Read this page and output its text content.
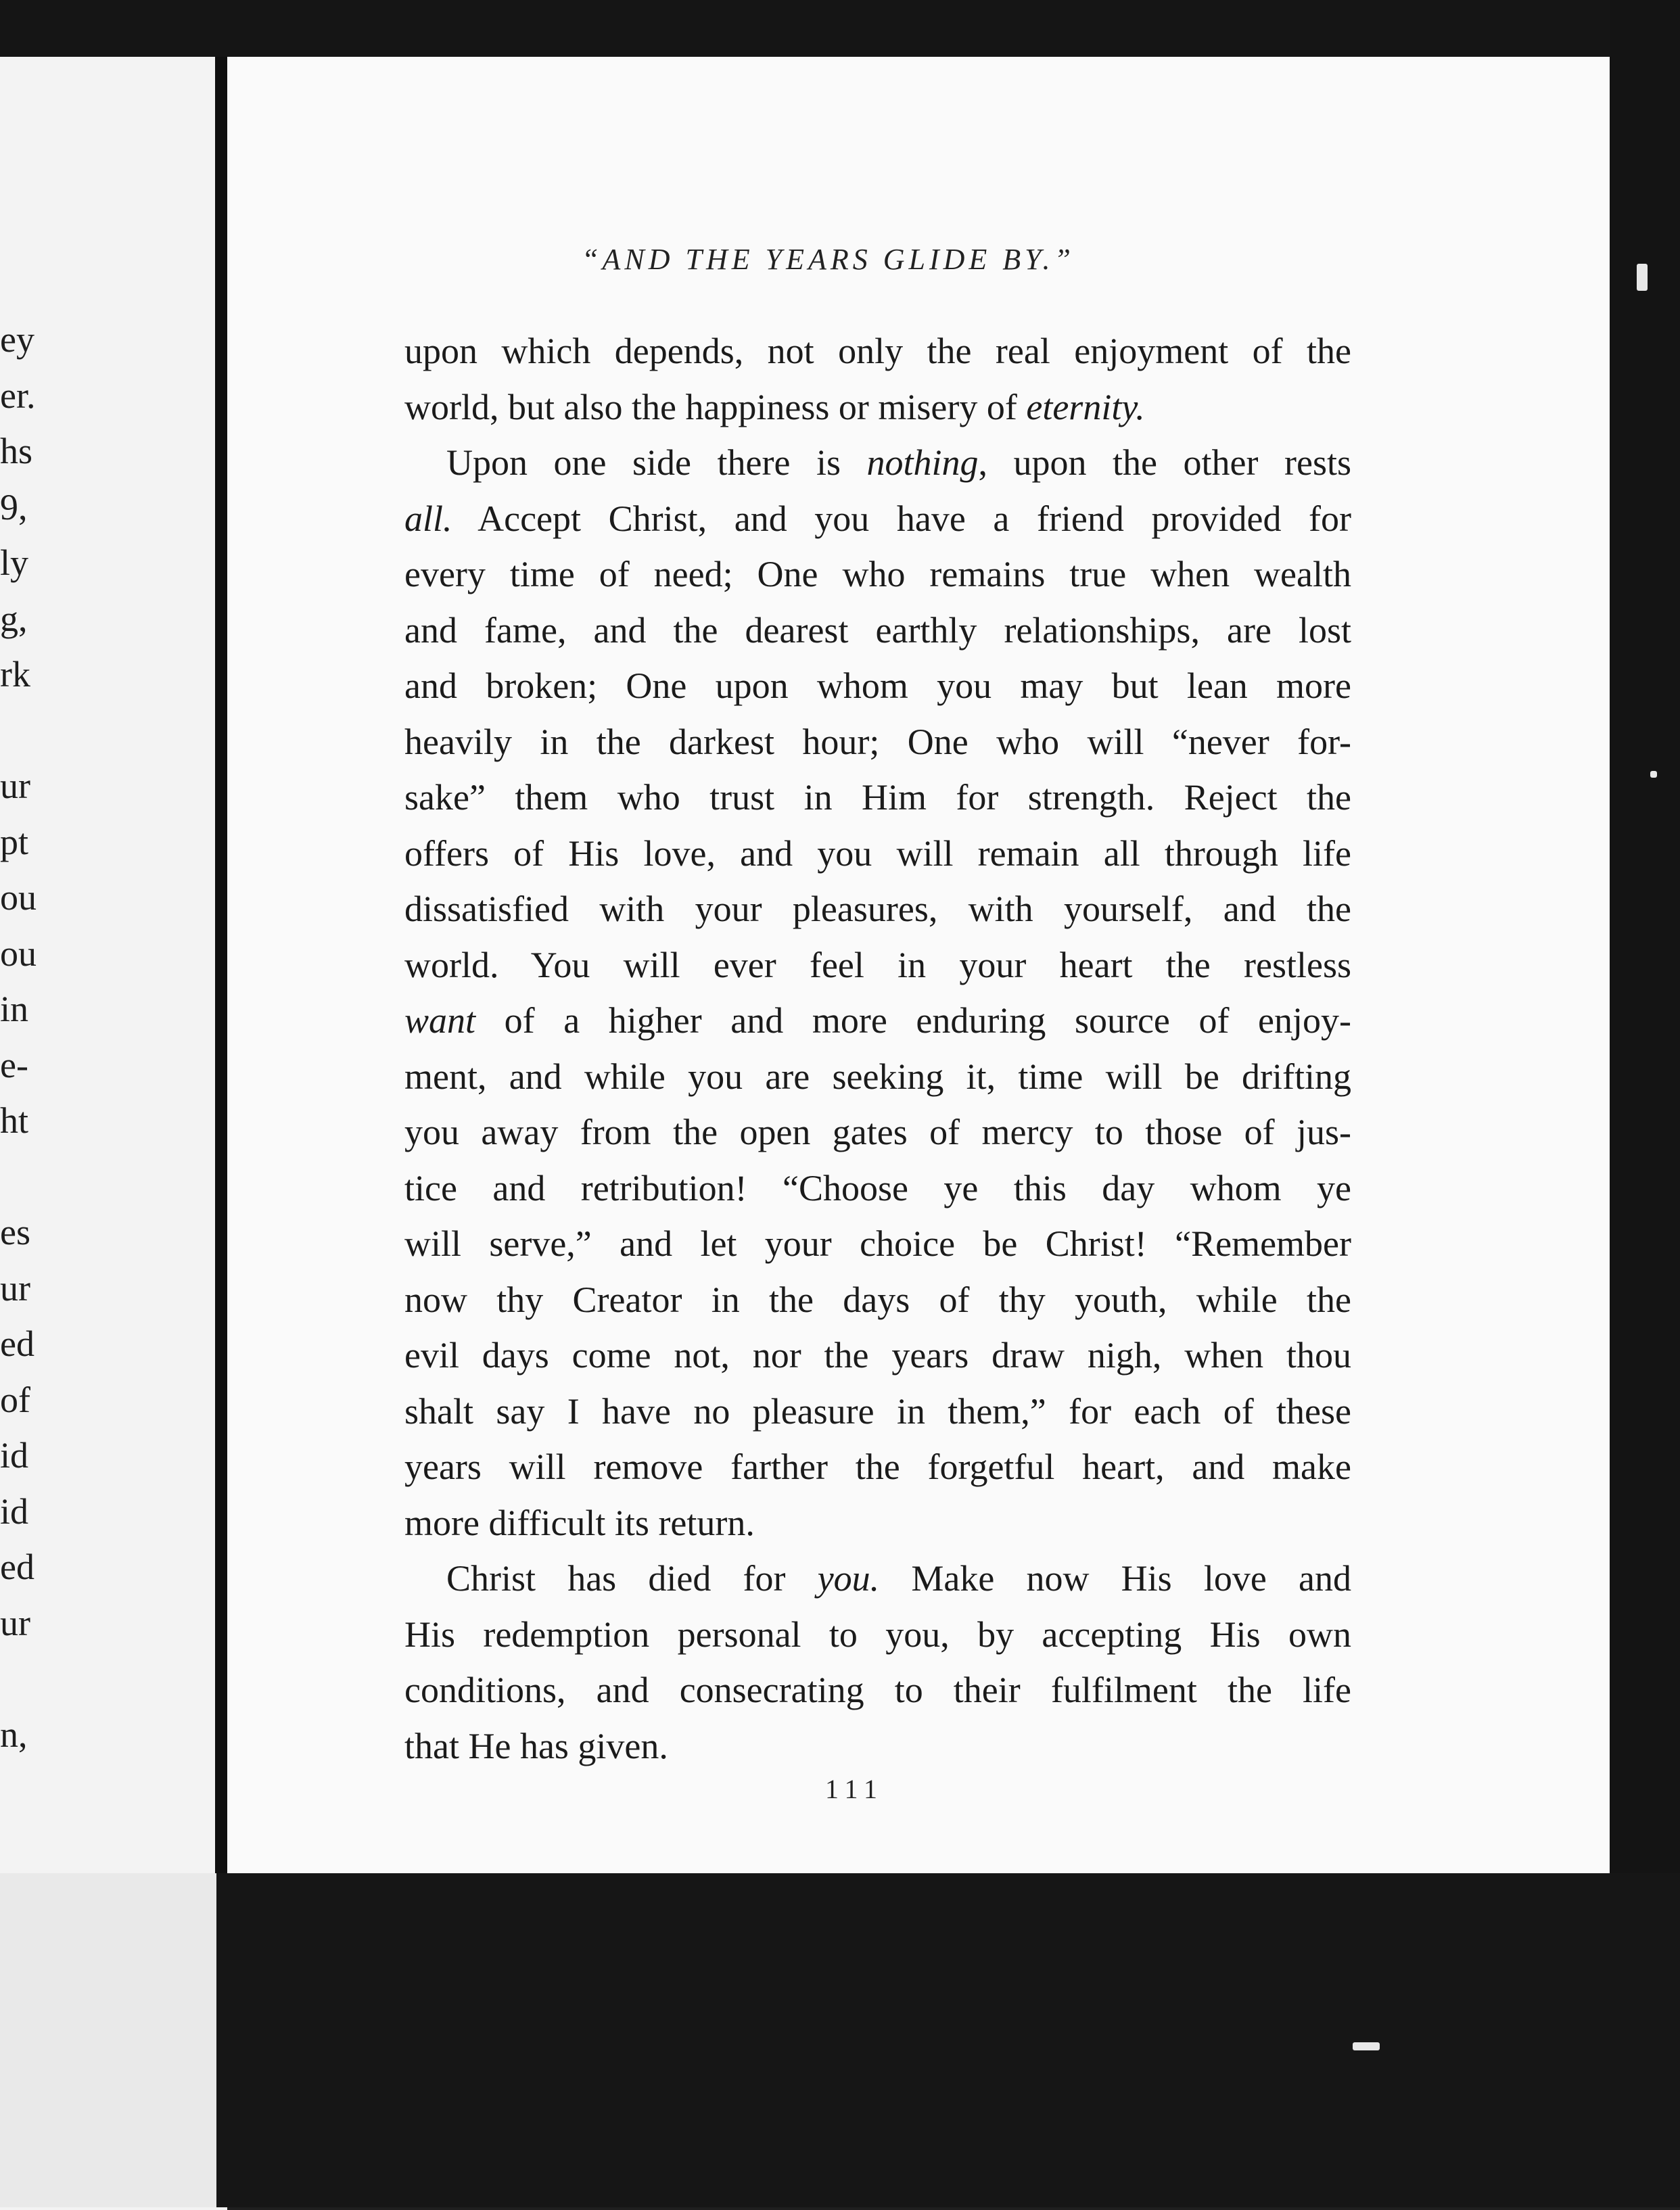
ey
er.
hs
9,
ly
g,
rk
ur
pt
ou
ou
in
e-
ht
es
ur
ed
of
id
id
ed
ur
n,
“AND THE YEARS GLIDE BY.”
upon which depends, not only the real enjoyment of the
world, but also the happiness or misery of eternity.
Upon one side there is nothing, upon the other rests
all. Accept Christ, and you have a friend provided for
every time of need; One who remains true when wealth
and fame, and the dearest earthly relationships, are lost
and broken; One upon whom you may but lean more
heavily in the darkest hour; One who will “never for-
sake” them who trust in Him for strength. Reject the
offers of His love, and you will remain all through life
dissatisfied with your pleasures, with yourself, and the
world. You will ever feel in your heart the restless
want of a higher and more enduring source of enjoy-
ment, and while you are seeking it, time will be drifting
you away from the open gates of mercy to those of jus-
tice and retribution! “Choose ye this day whom ye
will serve,” and let your choice be Christ! “Remember
now thy Creator in the days of thy youth, while the
evil days come not, nor the years draw nigh, when thou
shalt say I have no pleasure in them,” for each of these
years will remove farther the forgetful heart, and make
more difficult its return.
Christ has died for you. Make now His love and
His redemption personal to you, by accepting His own
conditions, and consecrating to their fulfilment the life
that He has given.
111
